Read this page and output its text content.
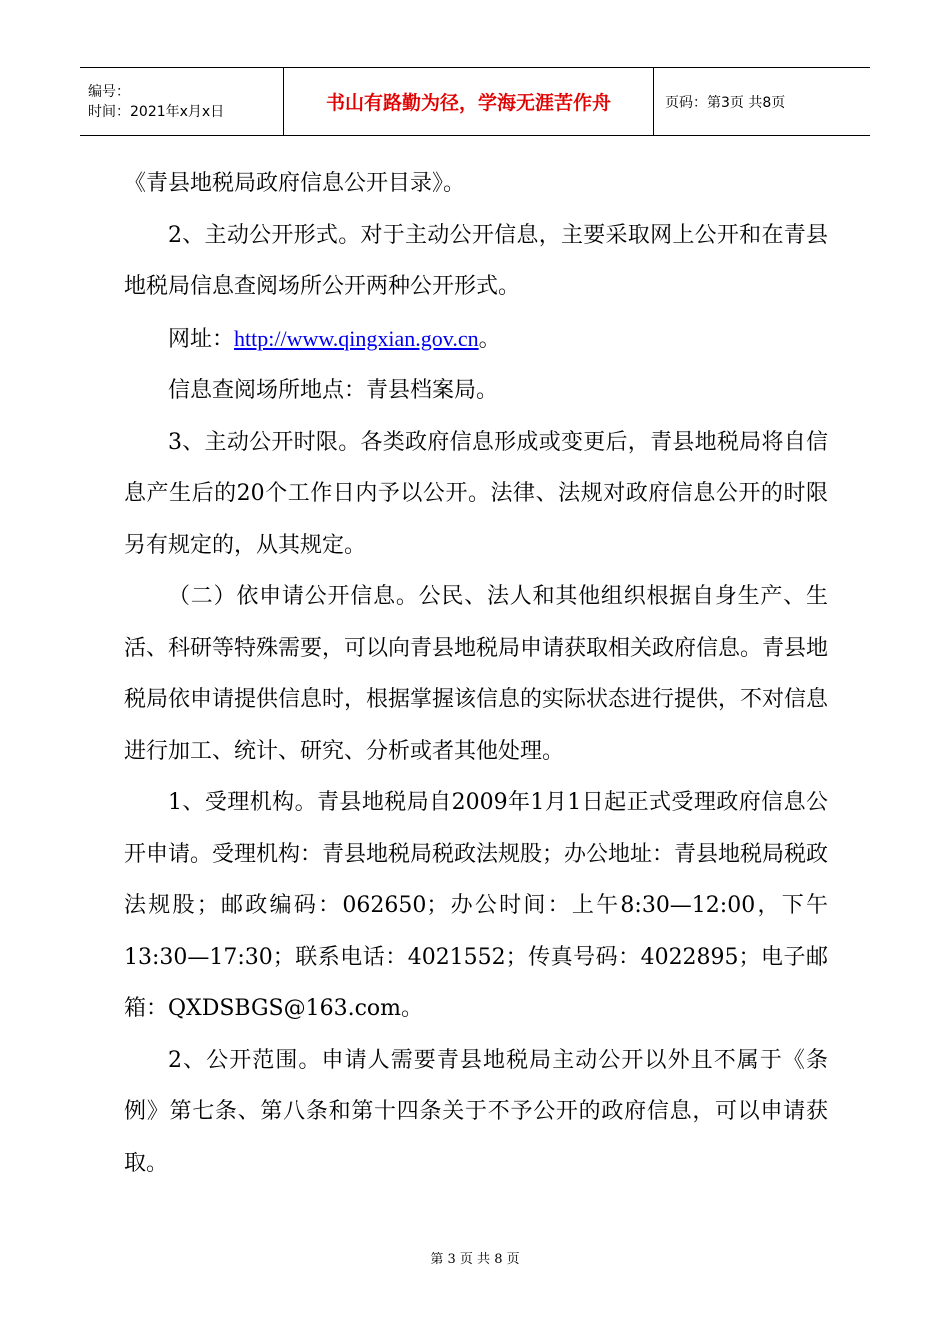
编号：
时间：2021年x月x日	书山有路勤为径，学海无涯苦作舟	页码：第3页 共8页

《青县地税局政府信息公开目录》。

2、主动公开形式。对于主动公开信息，主要采取网上公开和在青县地税局信息查阅场所公开两种公开形式。

网址：http://www.qingxian.gov.cn。

信息查阅场所地点：青县档案局。

3、主动公开时限。各类政府信息形成或变更后，青县地税局将自信息产生后的20个工作日内予以公开。法律、法规对政府信息公开的时限另有规定的，从其规定。

（二）依申请公开信息。公民、法人和其他组织根据自身生产、生活、科研等特殊需要，可以向青县地税局申请获取相关政府信息。青县地税局依申请提供信息时，根据掌握该信息的实际状态进行提供，不对信息进行加工、统计、研究、分析或者其他处理。

1、受理机构。青县地税局自2009年1月1日起正式受理政府信息公开申请。受理机构：青县地税局税政法规股；办公地址：青县地税局税政法规股；邮政编码：062650；办公时间：上午8:30—12:00，下午13:30—17:30；联系电话：4021552；传真号码：4022895；电子邮箱：QXDSBGS@163.com。

2、公开范围。申请人需要青县地税局主动公开以外且不属于《条例》第七条、第八条和第十四条关于不予公开的政府信息，可以申请获取。

第 3 页 共 8 页
